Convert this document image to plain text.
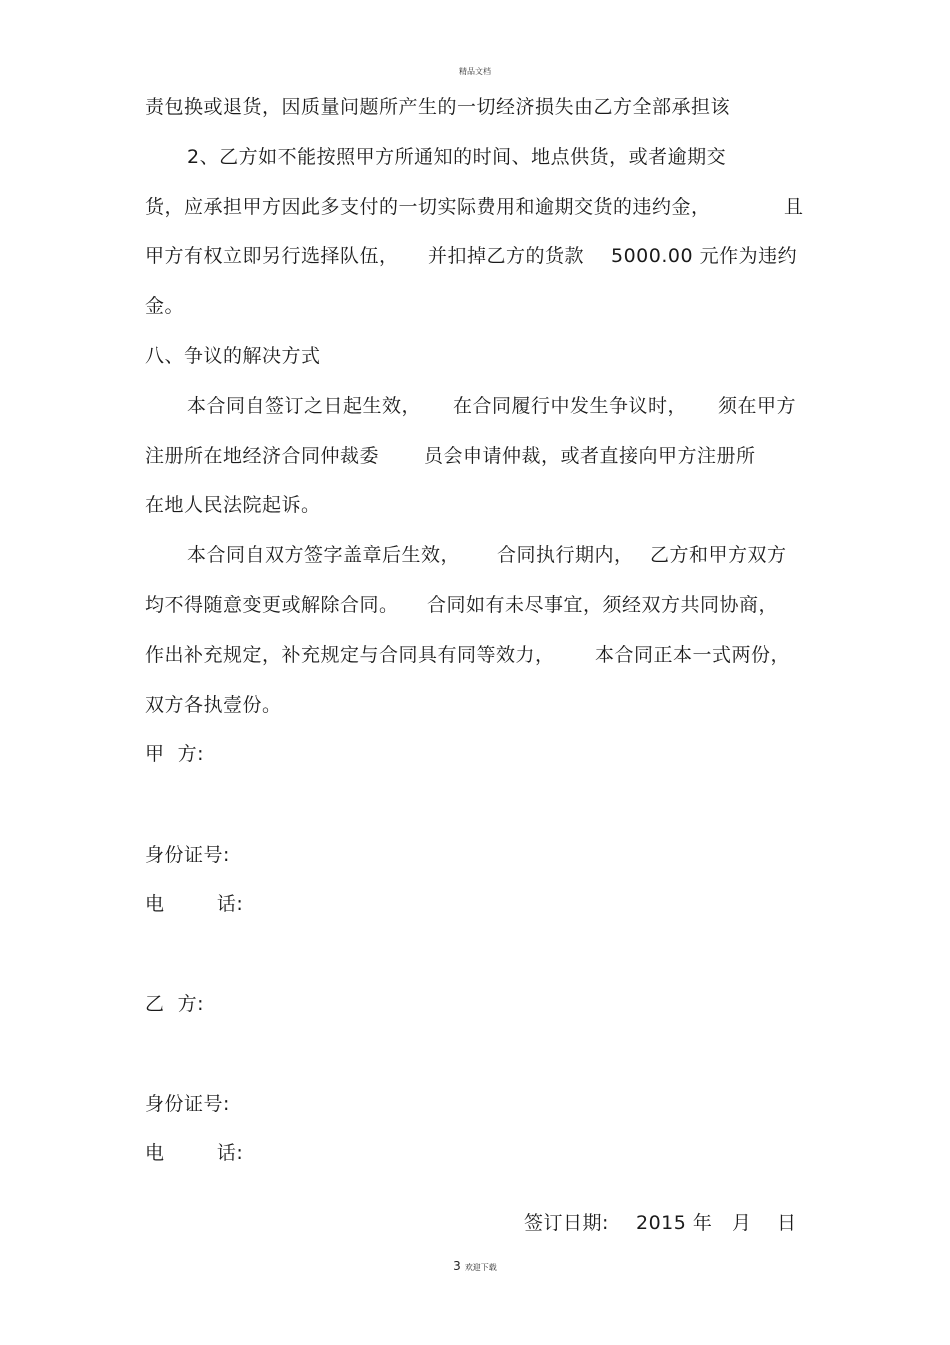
精品文档
责包换或退货，因质量问题所产生的一切经济损失由乙方全部承担该
2、乙方如不能按照甲方所通知的时间、地点供货，或者逾期交
货，应承担甲方因此多支付的一切实际费用和逾期交货的违约金，	且
甲方有权立即另行选择队伍， 并扣掉乙方的货款 5000.00 元作为违约
金。
八、争议的解决方式
本合同自签订之日起生效， 在合同履行中发生争议时， 须在甲方
注册所在地经济合同仲裁委 员会申请仲裁，或者直接向甲方注册所
在地人民法院起诉。
本合同自双方签字盖章后生效， 合同执行期内， 乙方和甲方双方
均不得随意变更或解除合同。 合同如有未尽事宜，须经双方共同协商，
作出补充规定，补充规定与合同具有同等效力， 本合同正本一式两份，
双方各执壹份。
甲  方:
身份证号:
电        话:
乙  方:
身份证号:
电        话:
签订日期: 2015 年 月 日
3 欢迎下载
